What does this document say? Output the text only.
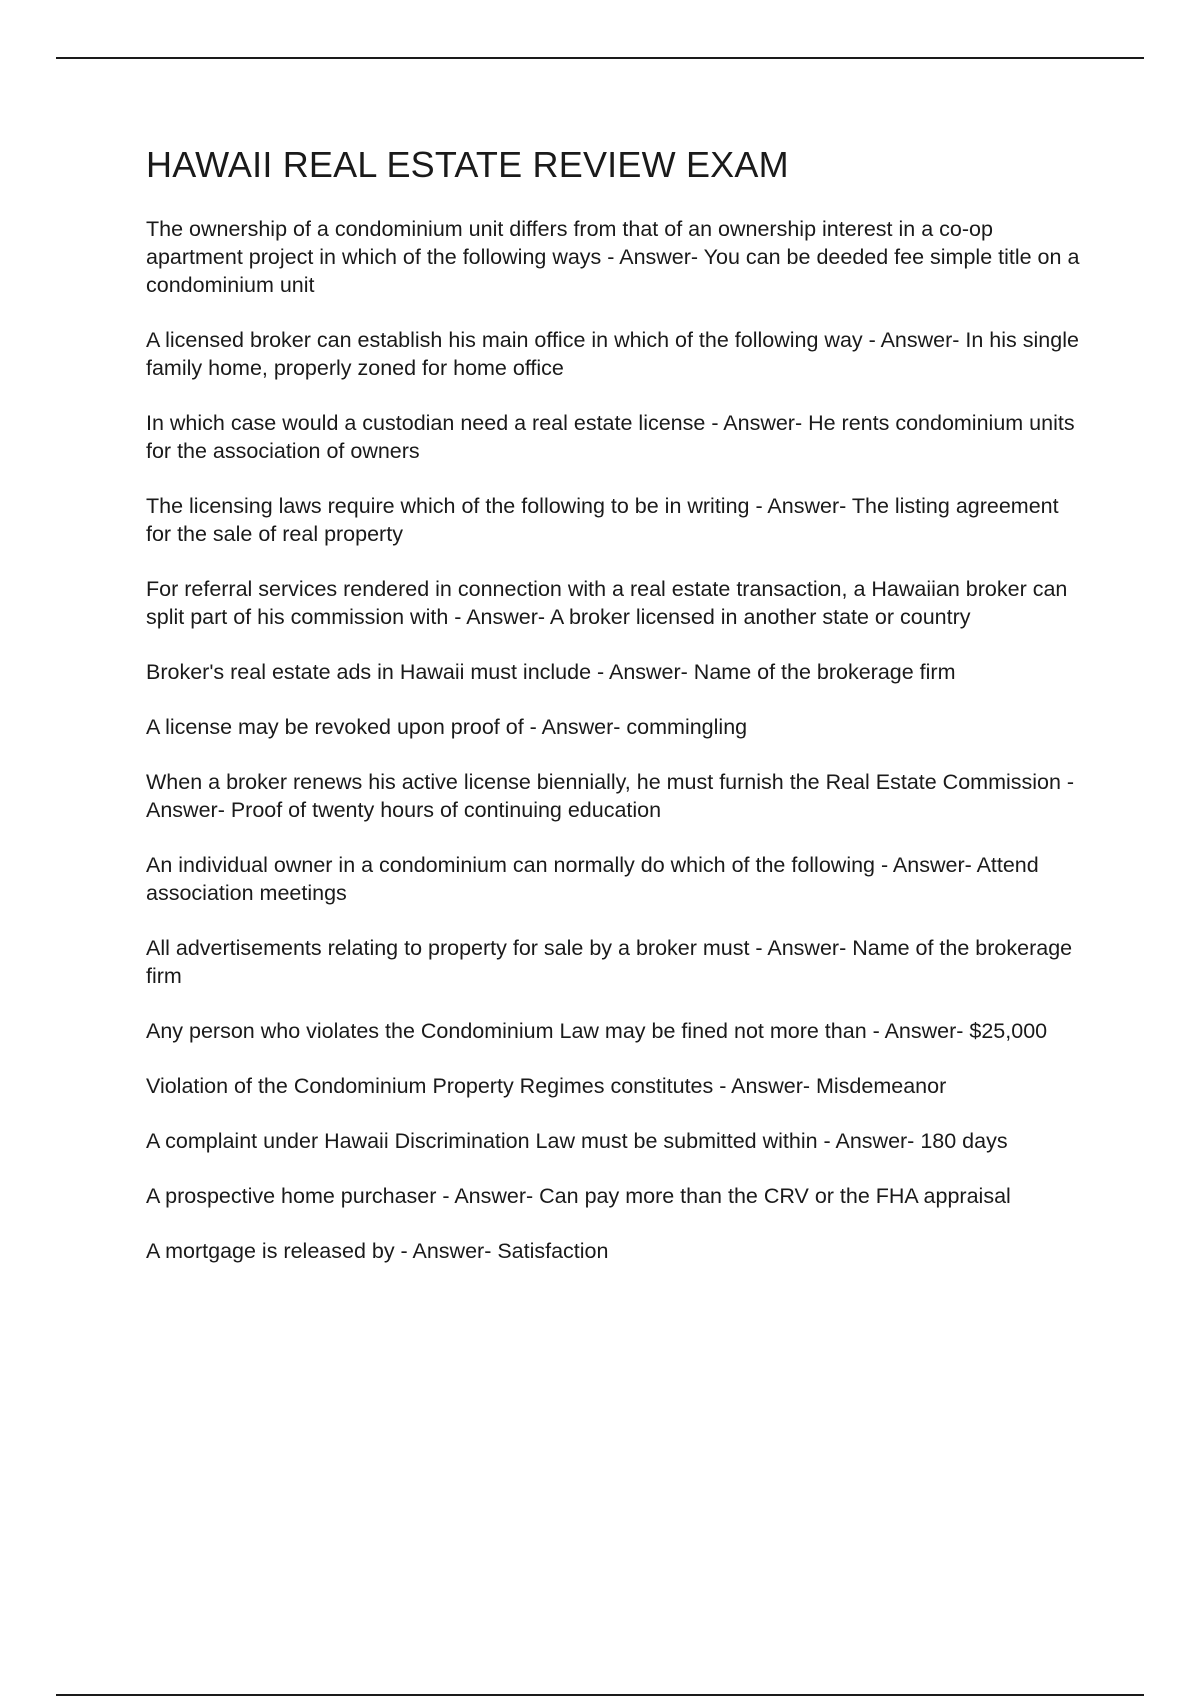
HAWAII REAL ESTATE REVIEW EXAM
The ownership of a condominium unit differs from that of an ownership interest in a co-op apartment project in which of the following ways - Answer- You can be deeded fee simple title on a condominium unit
A licensed broker can establish his main office in which of the following way - Answer- In his single family home, properly zoned for home office
In which case would a custodian need a real estate license - Answer- He rents condominium units for the association of owners
The licensing laws require which of the following to be in writing - Answer- The listing agreement for the sale of real property
For referral services rendered in connection with a real estate transaction, a Hawaiian broker can split part of his commission with - Answer- A broker licensed in another state or country
Broker's real estate ads in Hawaii must include - Answer- Name of the brokerage firm
A license may be revoked upon proof of - Answer- commingling
When a broker renews his active license biennially, he must furnish the Real Estate Commission - Answer- Proof of twenty hours of continuing education
An individual owner in a condominium can normally do which of the following - Answer- Attend association meetings
All advertisements relating to property for sale by a broker must - Answer- Name of the brokerage firm
Any person who violates the Condominium Law may be fined not more than - Answer- $25,000
Violation of the Condominium Property Regimes constitutes - Answer- Misdemeanor
A complaint under Hawaii Discrimination Law must be submitted within - Answer- 180 days
A prospective home purchaser - Answer- Can pay more than the CRV or the FHA appraisal
A mortgage is released by - Answer- Satisfaction
